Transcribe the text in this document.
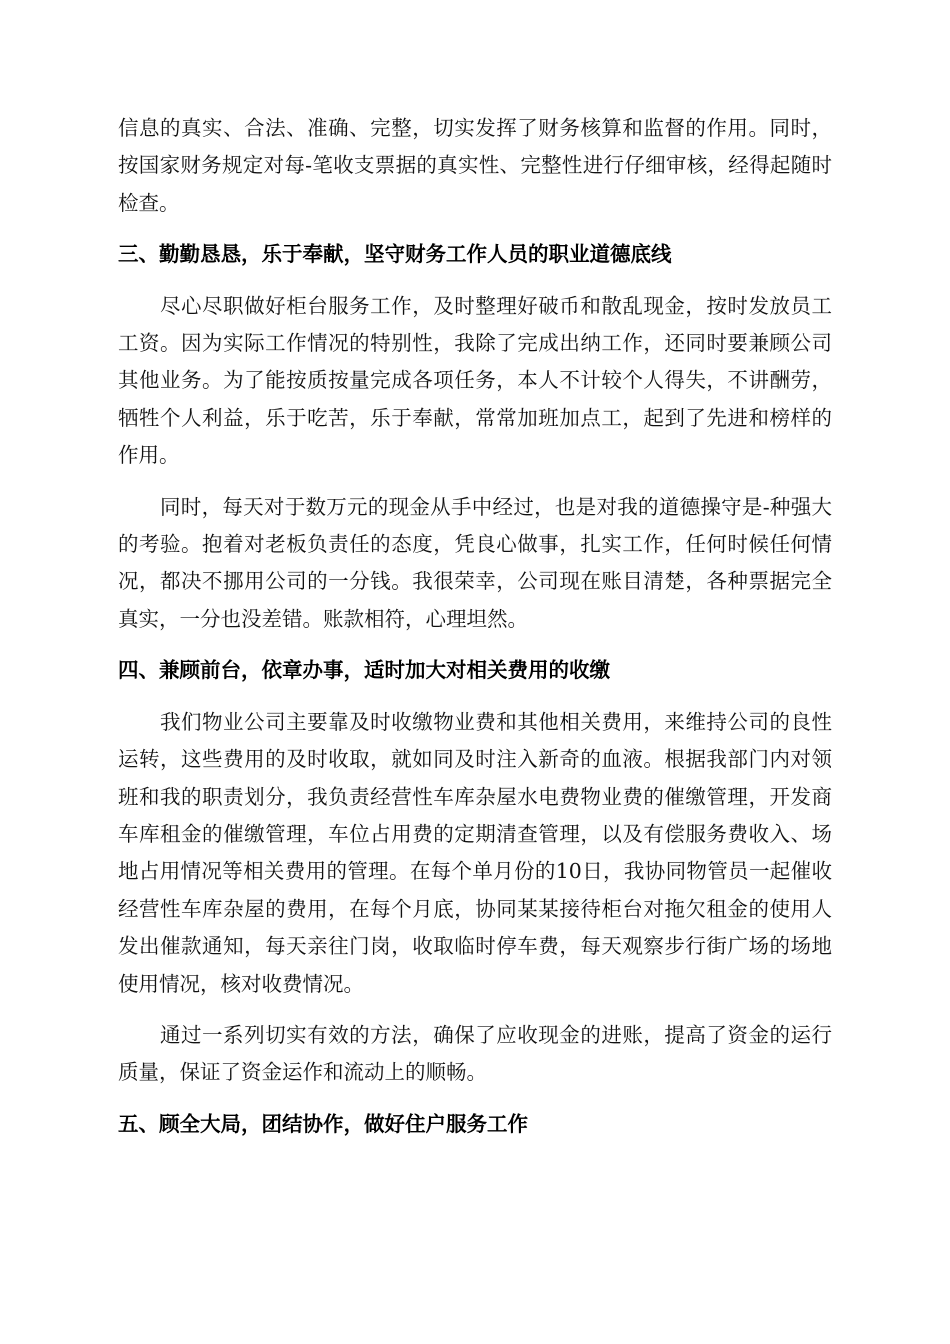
信息的真实、合法、准确、完整，切实发挥了财务核算和监督的作用。同时，按国家财务规定对每-笔收支票据的真实性、完整性进行仔细审核，经得起随时检查。

三、勤勤恳恳，乐于奉献，坚守财务工作人员的职业道德底线

尽心尽职做好柜台服务工作，及时整理好破币和散乱现金，按时发放员工工资。因为实际工作情况的特别性，我除了完成出纳工作，还同时要兼顾公司其他业务。为了能按质按量完成各项任务，本人不计较个人得失，不讲酬劳，牺牲个人利益，乐于吃苦，乐于奉献，常常加班加点工，起到了先进和榜样的作用。

同时，每天对于数万元的现金从手中经过，也是对我的道德操守是-种强大的考验。抱着对老板负责任的态度，凭良心做事，扎实工作，任何时候任何情况，都决不挪用公司的一分钱。我很荣幸，公司现在账目清楚，各种票据完全真实，一分也没差错。账款相符，心理坦然。

四、兼顾前台，依章办事，适时加大对相关费用的收缴

我们物业公司主要靠及时收缴物业费和其他相关费用，来维持公司的良性运转，这些费用的及时收取，就如同及时注入新奇的血液。根据我部门内对领班和我的职责划分，我负责经营性车库杂屋水电费物业费的催缴管理，开发商车库租金的催缴管理，车位占用费的定期清查管理，以及有偿服务费收入、场地占用情况等相关费用的管理。在每个单月份的10日，我协同物管员一起催收经营性车库杂屋的费用，在每个月底，协同某某接待柜台对拖欠租金的使用人发出催款通知，每天亲往门岗，收取临时停车费，每天观察步行街广场的场地使用情况，核对收费情况。

通过一系列切实有效的方法，确保了应收现金的进账，提高了资金的运行质量，保证了资金运作和流动上的顺畅。

五、顾全大局，团结协作，做好住户服务工作
